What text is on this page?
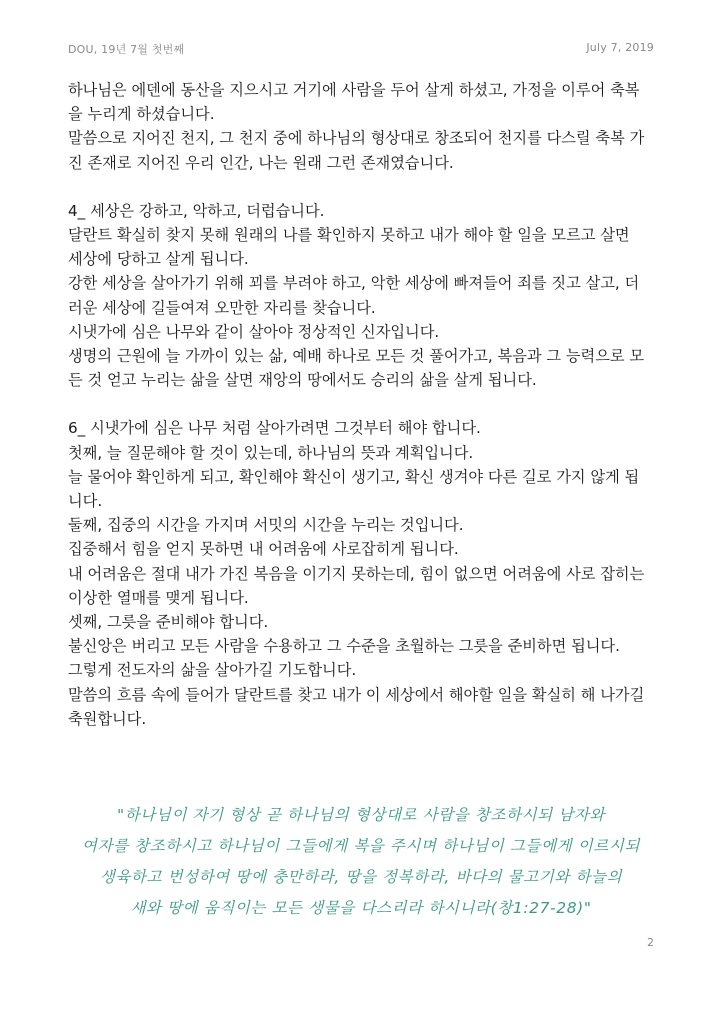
DOU, 19년 7월 첫번째	July 7, 2019

하나님은 에덴에 동산을 지으시고 거기에 사람을 두어 살게 하셨고, 가정을 이루어 축복

을 누리게 하셨습니다.

말씀으로 지어진 천지, 그 천지 중에 하나님의 형상대로 창조되어 천지를 다스릴 축복 가

진 존재로 지어진 우리 인간, 나는 원래 그런 존재였습니다.

4_ 세상은 강하고, 악하고, 더럽습니다.

달란트 확실히 찾지 못해 원래의 나를 확인하지 못하고 내가 해야 할 일을 모르고 살면

세상에 당하고 살게 됩니다.

강한 세상을 살아가기 위해 꾀를 부려야 하고, 악한 세상에 빠져들어 죄를 짓고 살고, 더

러운 세상에 길들여져 오만한 자리를 찾습니다.

시냇가에 심은 나무와 같이 살아야 정상적인 신자입니다.

생명의 근원에 늘 가까이 있는 삶, 예배 하나로 모든 것 풀어가고, 복음과 그 능력으로 모

든 것 얻고 누리는 삶을 살면 재앙의 땅에서도 승리의 삶을 살게 됩니다.

6_ 시냇가에 심은 나무 처럼 살아가려면 그것부터 해야 합니다.

첫째, 늘 질문해야 할 것이 있는데, 하나님의 뜻과 계획입니다.

늘 물어야 확인하게 되고, 확인해야 확신이 생기고, 확신 생겨야 다른 길로 가지 않게 됩

니다.

둘째, 집중의 시간을 가지며 서밋의 시간을 누리는 것입니다.

집중해서 힘을 얻지 못하면 내 어려움에 사로잡히게 됩니다.

내 어려움은 절대 내가 가진 복음을 이기지 못하는데, 힘이 없으면 어려움에 사로 잡히는

이상한 열매를 맺게 됩니다.

셋째, 그릇을 준비해야 합니다.

불신앙은 버리고 모든 사람을 수용하고 그 수준을 초월하는 그릇을 준비하면 됩니다.

그렇게 전도자의 삶을 살아가길 기도합니다.

말씀의 흐름 속에 들어가 달란트를 찾고 내가 이 세상에서 해야할 일을 확실히 해 나가길

축원합니다.

"하나님이 자기 형상 곧 하나님의 형상대로 사람을 창조하시되 남자와

여자를 창조하시고 하나님이 그들에게 복을 주시며 하나님이 그들에게 이르시되

생육하고 번성하여 땅에 충만하라, 땅을 정복하라, 바다의 물고기와 하늘의

새와 땅에 움직이는 모든 생물을 다스리라 하시니라(창1:27-28)"

2
